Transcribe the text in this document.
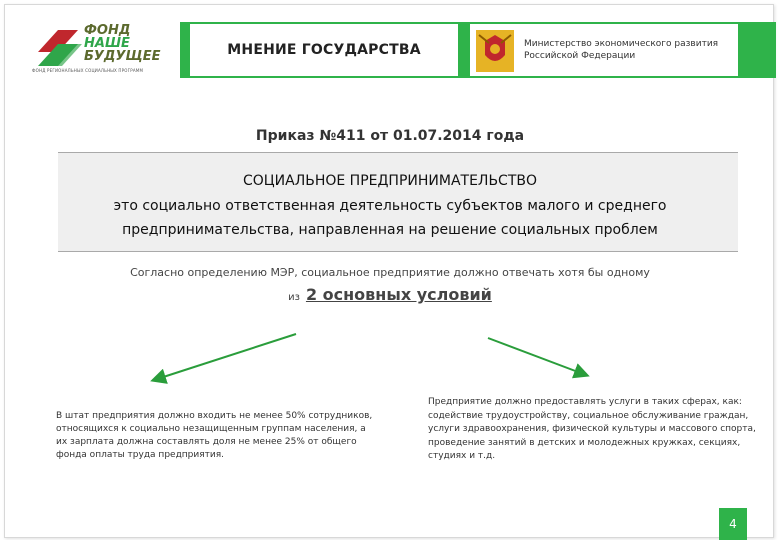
ФОНД
НАШЕ
БУДУЩЕЕ
ФОНД РЕГИОНАЛЬНЫХ СОЦИАЛЬНЫХ ПРОГРАММ
МНЕНИЕ ГОСУДАРСТВА	Министерство экономического развития
Российской Федерации
Приказ №411 от 01.07.2014 года
СОЦИАЛЬНОЕ ПРЕДПРИНИМАТЕЛЬСТВО
это социально ответственная деятельность субъектов малого и среднего
предпринимательства, направленная на решение социальных проблем
Согласно определению МЭР, социальное предприятие должно отвечать хотя бы одному
из 2 основных условий
В штат предприятия должно входить не менее 50% сотрудников, относящихся к социально незащищенным группам населения, а их зарплата должна составлять доля не менее 25% от общего фонда оплаты труда предприятия.
Предприятие должно предоставлять услуги в таких сферах, как: содействие трудоустройству, социальное обслуживание граждан, услуги здравоохранения, физической культуры и массового спорта, проведение занятий в детских и молодежных кружках, секциях, студиях и т.д.
4
